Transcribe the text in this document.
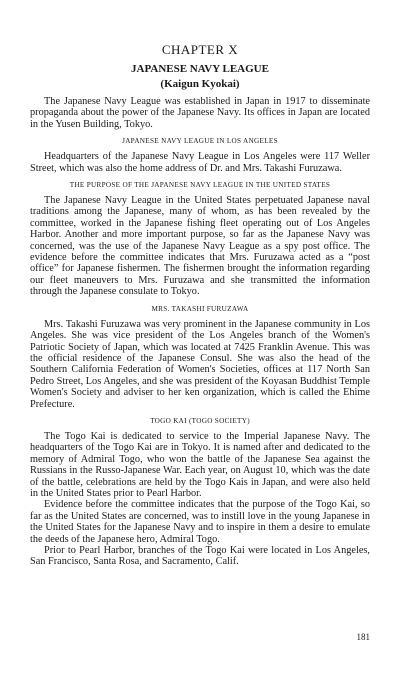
CHAPTER X
JAPANESE NAVY LEAGUE
(Kaigun Kyokai)

The Japanese Navy League was established in Japan in 1917 to disseminate propaganda about the power of the Japanese Navy. Its offices in Japan are located in the Yusen Building, Tokyo.

JAPANESE NAVY LEAGUE IN LOS ANGELES

Headquarters of the Japanese Navy League in Los Angeles were 117 Weller Street, which was also the home address of Dr. and Mrs. Takashi Furuzawa.

THE PURPOSE OF THE JAPANESE NAVY LEAGUE IN THE UNITED STATES

The Japanese Navy League in the United States perpetuated Japanese naval traditions among the Japanese, many of whom, as has been revealed by the committee, worked in the Japanese fishing fleet operating out of Los Angeles Harbor. Another and more important purpose, so far as the Japanese Navy was concerned, was the use of the Japanese Navy League as a spy post office. The evidence before the committee indicates that Mrs. Furuzawa acted as a “post office” for Japanese fishermen. The fishermen brought the information regarding our fleet maneuvers to Mrs. Furuzawa and she transmitted the information through the Japanese consulate to Tokyo.

MRS. TAKASHI FURUZAWA

Mrs. Takashi Furuzawa was very prominent in the Japanese community in Los Angeles. She was vice president of the Los Angeles branch of the Women's Patriotic Society of Japan, which was located at 7425 Franklin Avenue. This was the official residence of the Japanese Consul. She was also the head of the Southern California Federation of Women's Societies, offices at 117 North San Pedro Street, Los Angeles, and she was president of the Koyasan Buddhist Temple Women's Society and adviser to her ken organization, which is called the Ehime Prefecture.

TOGO KAI (TOGO SOCIETY)

The Togo Kai is dedicated to service to the Imperial Japanese Navy. The headquarters of the Togo Kai are in Tokyo. It is named after and dedicated to the memory of Admiral Togo, who won the battle of the Japanese Sea against the Russians in the Russo-Japanese War. Each year, on August 10, which was the date of the battle, celebrations are held by the Togo Kais in Japan, and were also held in the United States prior to Pearl Harbor.

Evidence before the committee indicates that the purpose of the Togo Kai, so far as the United States are concerned, was to instill love in the young Japanese in the United States for the Japanese Navy and to inspire in them a desire to emulate the deeds of the Japanese hero, Admiral Togo.

Prior to Pearl Harbor, branches of the Togo Kai were located in Los Angeles, San Francisco, Santa Rosa, and Sacramento, Calif.

181
